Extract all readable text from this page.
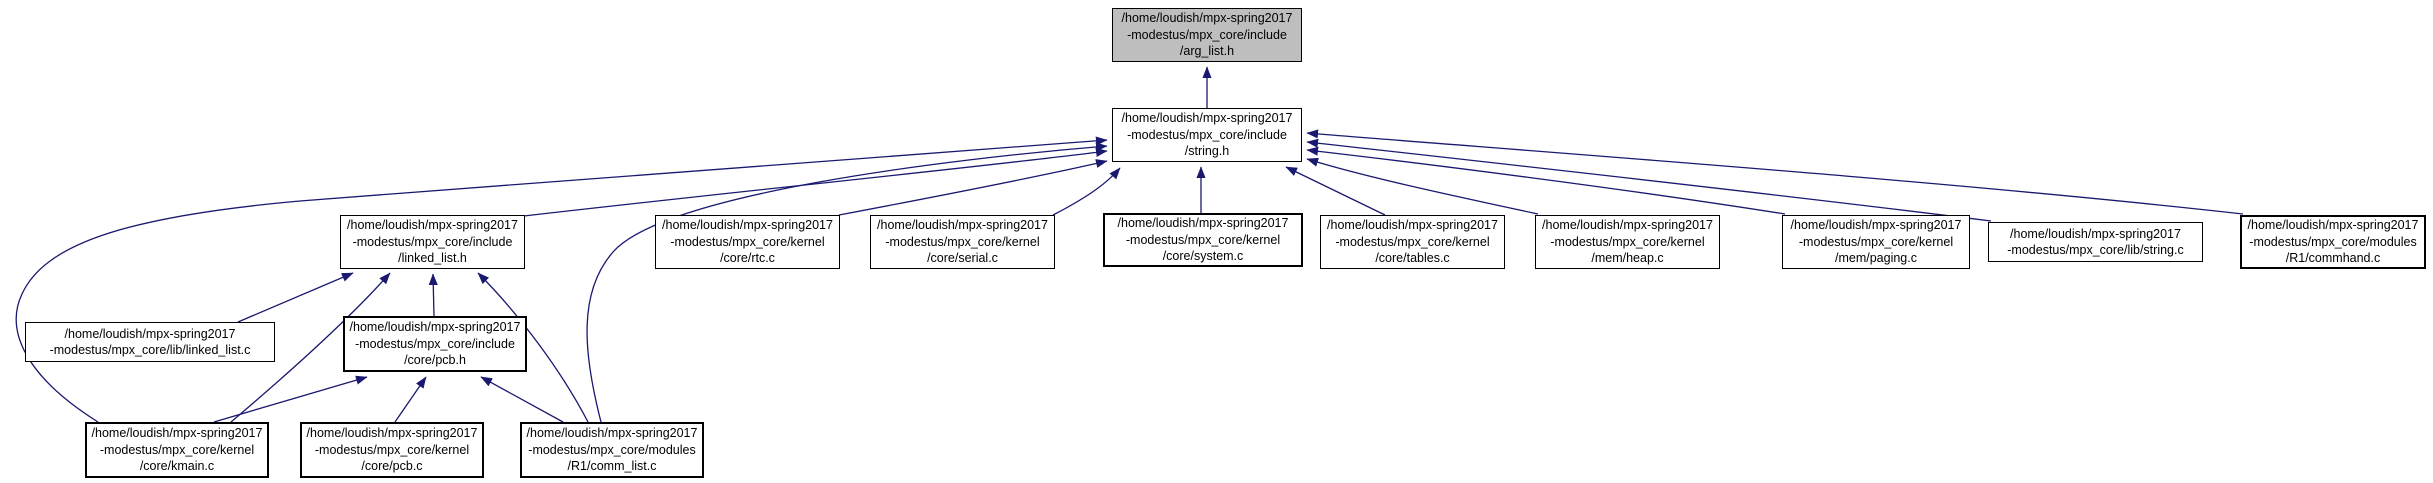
/home/loudish/mpx-spring2017
-modestus/mpx_core/include
/arg_list.h
/home/loudish/mpx-spring2017
-modestus/mpx_core/include
/string.h
/home/loudish/mpx-spring2017
-modestus/mpx_core/include
/linked_list.h
/home/loudish/mpx-spring2017
-modestus/mpx_core/kernel
/core/rtc.c
/home/loudish/mpx-spring2017
-modestus/mpx_core/kernel
/core/serial.c
/home/loudish/mpx-spring2017
-modestus/mpx_core/kernel
/core/system.c
/home/loudish/mpx-spring2017
-modestus/mpx_core/kernel
/core/tables.c
/home/loudish/mpx-spring2017
-modestus/mpx_core/kernel
/mem/heap.c
/home/loudish/mpx-spring2017
-modestus/mpx_core/kernel
/mem/paging.c
/home/loudish/mpx-spring2017
-modestus/mpx_core/lib/string.c
/home/loudish/mpx-spring2017
-modestus/mpx_core/modules
/R1/commhand.c
/home/loudish/mpx-spring2017
-modestus/mpx_core/lib/linked_list.c
/home/loudish/mpx-spring2017
-modestus/mpx_core/include
/core/pcb.h
/home/loudish/mpx-spring2017
-modestus/mpx_core/kernel
/core/kmain.c
/home/loudish/mpx-spring2017
-modestus/mpx_core/kernel
/core/pcb.c
/home/loudish/mpx-spring2017
-modestus/mpx_core/modules
/R1/comm_list.c
